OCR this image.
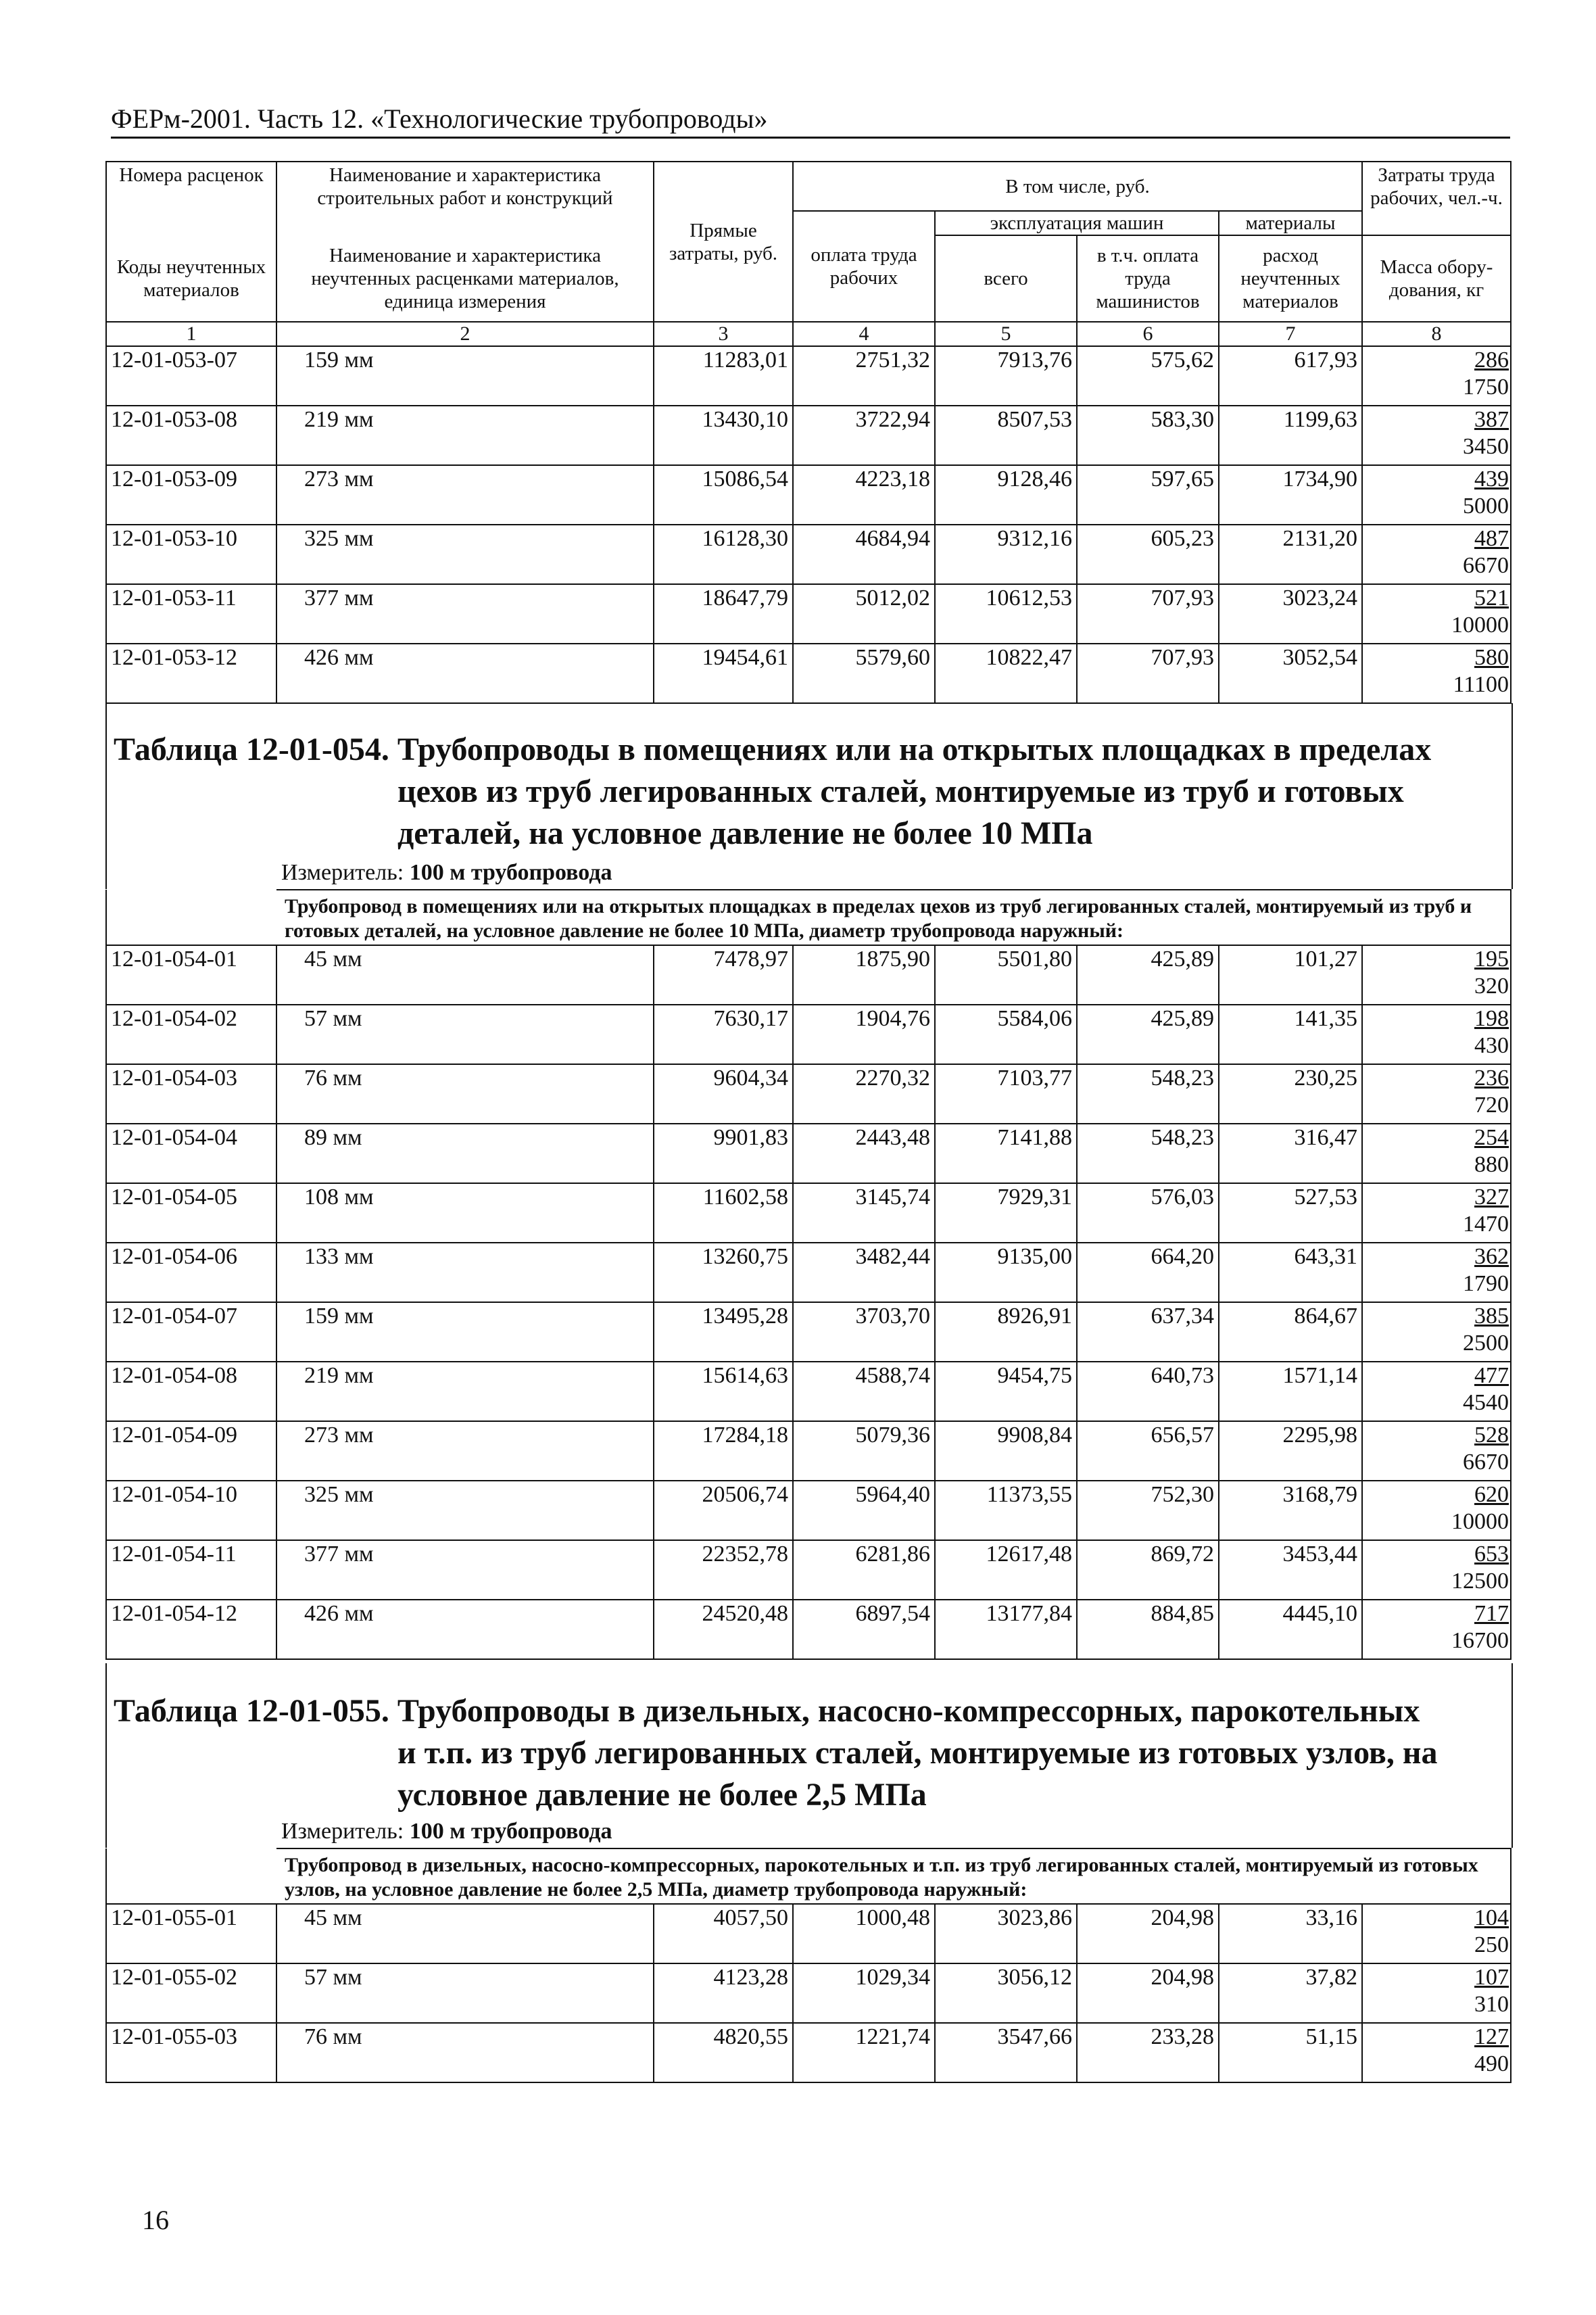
ФЕРм-2001. Часть 12. «Технологические трубопроводы»
Номера расценок	Наименование и характеристика строительных работ и конструкций	Прямые затраты, руб.	В том числе, руб.				Затраты труда рабочих, чел.-ч.
			оплата труда рабочих	эксплуатация машин		материалы	
Коды неучтенных материалов	Наименование и характеристика неучтенных расценками материалов, единица измерения			всего	в т.ч. оплата труда машинистов	расход неучтенных материалов	Масса обору-дования, кг
1	2	3	4	5	6	7	8
12-01-053-07	159 мм	11283,01	2751,32	7913,76	575,62	617,93	286
1750

12-01-053-08	219 мм	13430,10	3722,94	8507,53	583,30	1199,63	387
3450

12-01-053-09	273 мм	15086,54	4223,18	9128,46	597,65	1734,90	439
5000

12-01-053-10	325 мм	16128,30	4684,94	9312,16	605,23	2131,20	487
6670

12-01-053-11	377 мм	18647,79	5012,02	10612,53	707,93	3023,24	521
10000

12-01-053-12	426 мм	19454,61	5579,60	10822,47	707,93	3052,54	580
11100
Таблица 12-01-054. Трубопроводы в помещениях или на открытых площадках в пределах
цехов из труб легированных сталей, монтируемые из труб и готовых
деталей, на условное давление не более 10 МПа
Измеритель: 100 м трубопровода
	Трубопровод в помещениях или на открытых площадках в пределах цехов из труб легированных сталей, монтируемый из труб и готовых деталей, на условное давление не более 10 МПа, диаметр трубопровода наружный:						
12-01-054-01	45 мм	7478,97	1875,90	5501,80	425,89	101,27	195
320

12-01-054-02	57 мм	7630,17	1904,76	5584,06	425,89	141,35	198
430

12-01-054-03	76 мм	9604,34	2270,32	7103,77	548,23	230,25	236
720

12-01-054-04	89 мм	9901,83	2443,48	7141,88	548,23	316,47	254
880

12-01-054-05	108 мм	11602,58	3145,74	7929,31	576,03	527,53	327
1470

12-01-054-06	133 мм	13260,75	3482,44	9135,00	664,20	643,31	362
1790

12-01-054-07	159 мм	13495,28	3703,70	8926,91	637,34	864,67	385
2500

12-01-054-08	219 мм	15614,63	4588,74	9454,75	640,73	1571,14	477
4540

12-01-054-09	273 мм	17284,18	5079,36	9908,84	656,57	2295,98	528
6670

12-01-054-10	325 мм	20506,74	5964,40	11373,55	752,30	3168,79	620
10000

12-01-054-11	377 мм	22352,78	6281,86	12617,48	869,72	3453,44	653
12500

12-01-054-12	426 мм	24520,48	6897,54	13177,84	884,85	4445,10	717
16700
Таблица 12-01-055. Трубопроводы в дизельных, насосно-компрессорных, парокотельных
и т.п. из труб легированных сталей, монтируемые из готовых узлов, на
условное давление не более 2,5 МПа
Измеритель: 100 м трубопровода
	Трубопровод в дизельных, насосно-компрессорных, парокотельных и т.п. из труб легированных сталей, монтируемый из готовых узлов, на условное давление не более 2,5 МПа, диаметр трубопровода наружный:						
12-01-055-01	45 мм	4057,50	1000,48	3023,86	204,98	33,16	104
250

12-01-055-02	57 мм	4123,28	1029,34	3056,12	204,98	37,82	107
310

12-01-055-03	76 мм	4820,55	1221,74	3547,66	233,28	51,15	127
490
16
